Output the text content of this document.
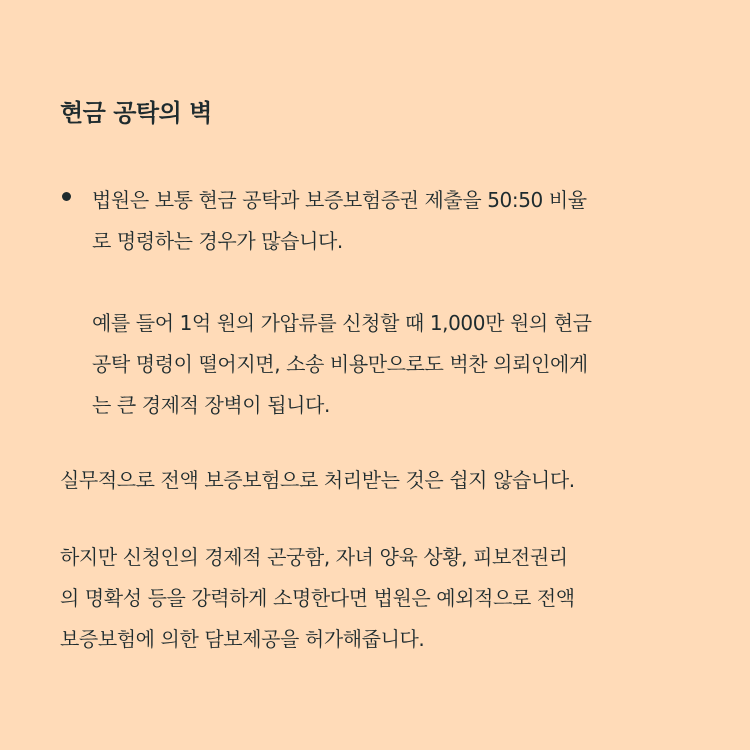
현금 공탁의 벽

법원은 보통 현금 공탁과 보증보험증권 제출을 50:50 비율
로 명령하는 경우가 많습니다.

예를 들어 1억 원의 가압류를 신청할 때 1,000만 원의 현금
공탁 명령이 떨어지면, 소송 비용만으로도 벅찬 의뢰인에게
는 큰 경제적 장벽이 됩니다.

실무적으로 전액 보증보험으로 처리받는 것은 쉽지 않습니다.

하지만 신청인의 경제적 곤궁함, 자녀 양육 상황, 피보전권리
의 명확성 등을 강력하게 소명한다면 법원은 예외적으로 전액
보증보험에 의한 담보제공을 허가해줍니다.
